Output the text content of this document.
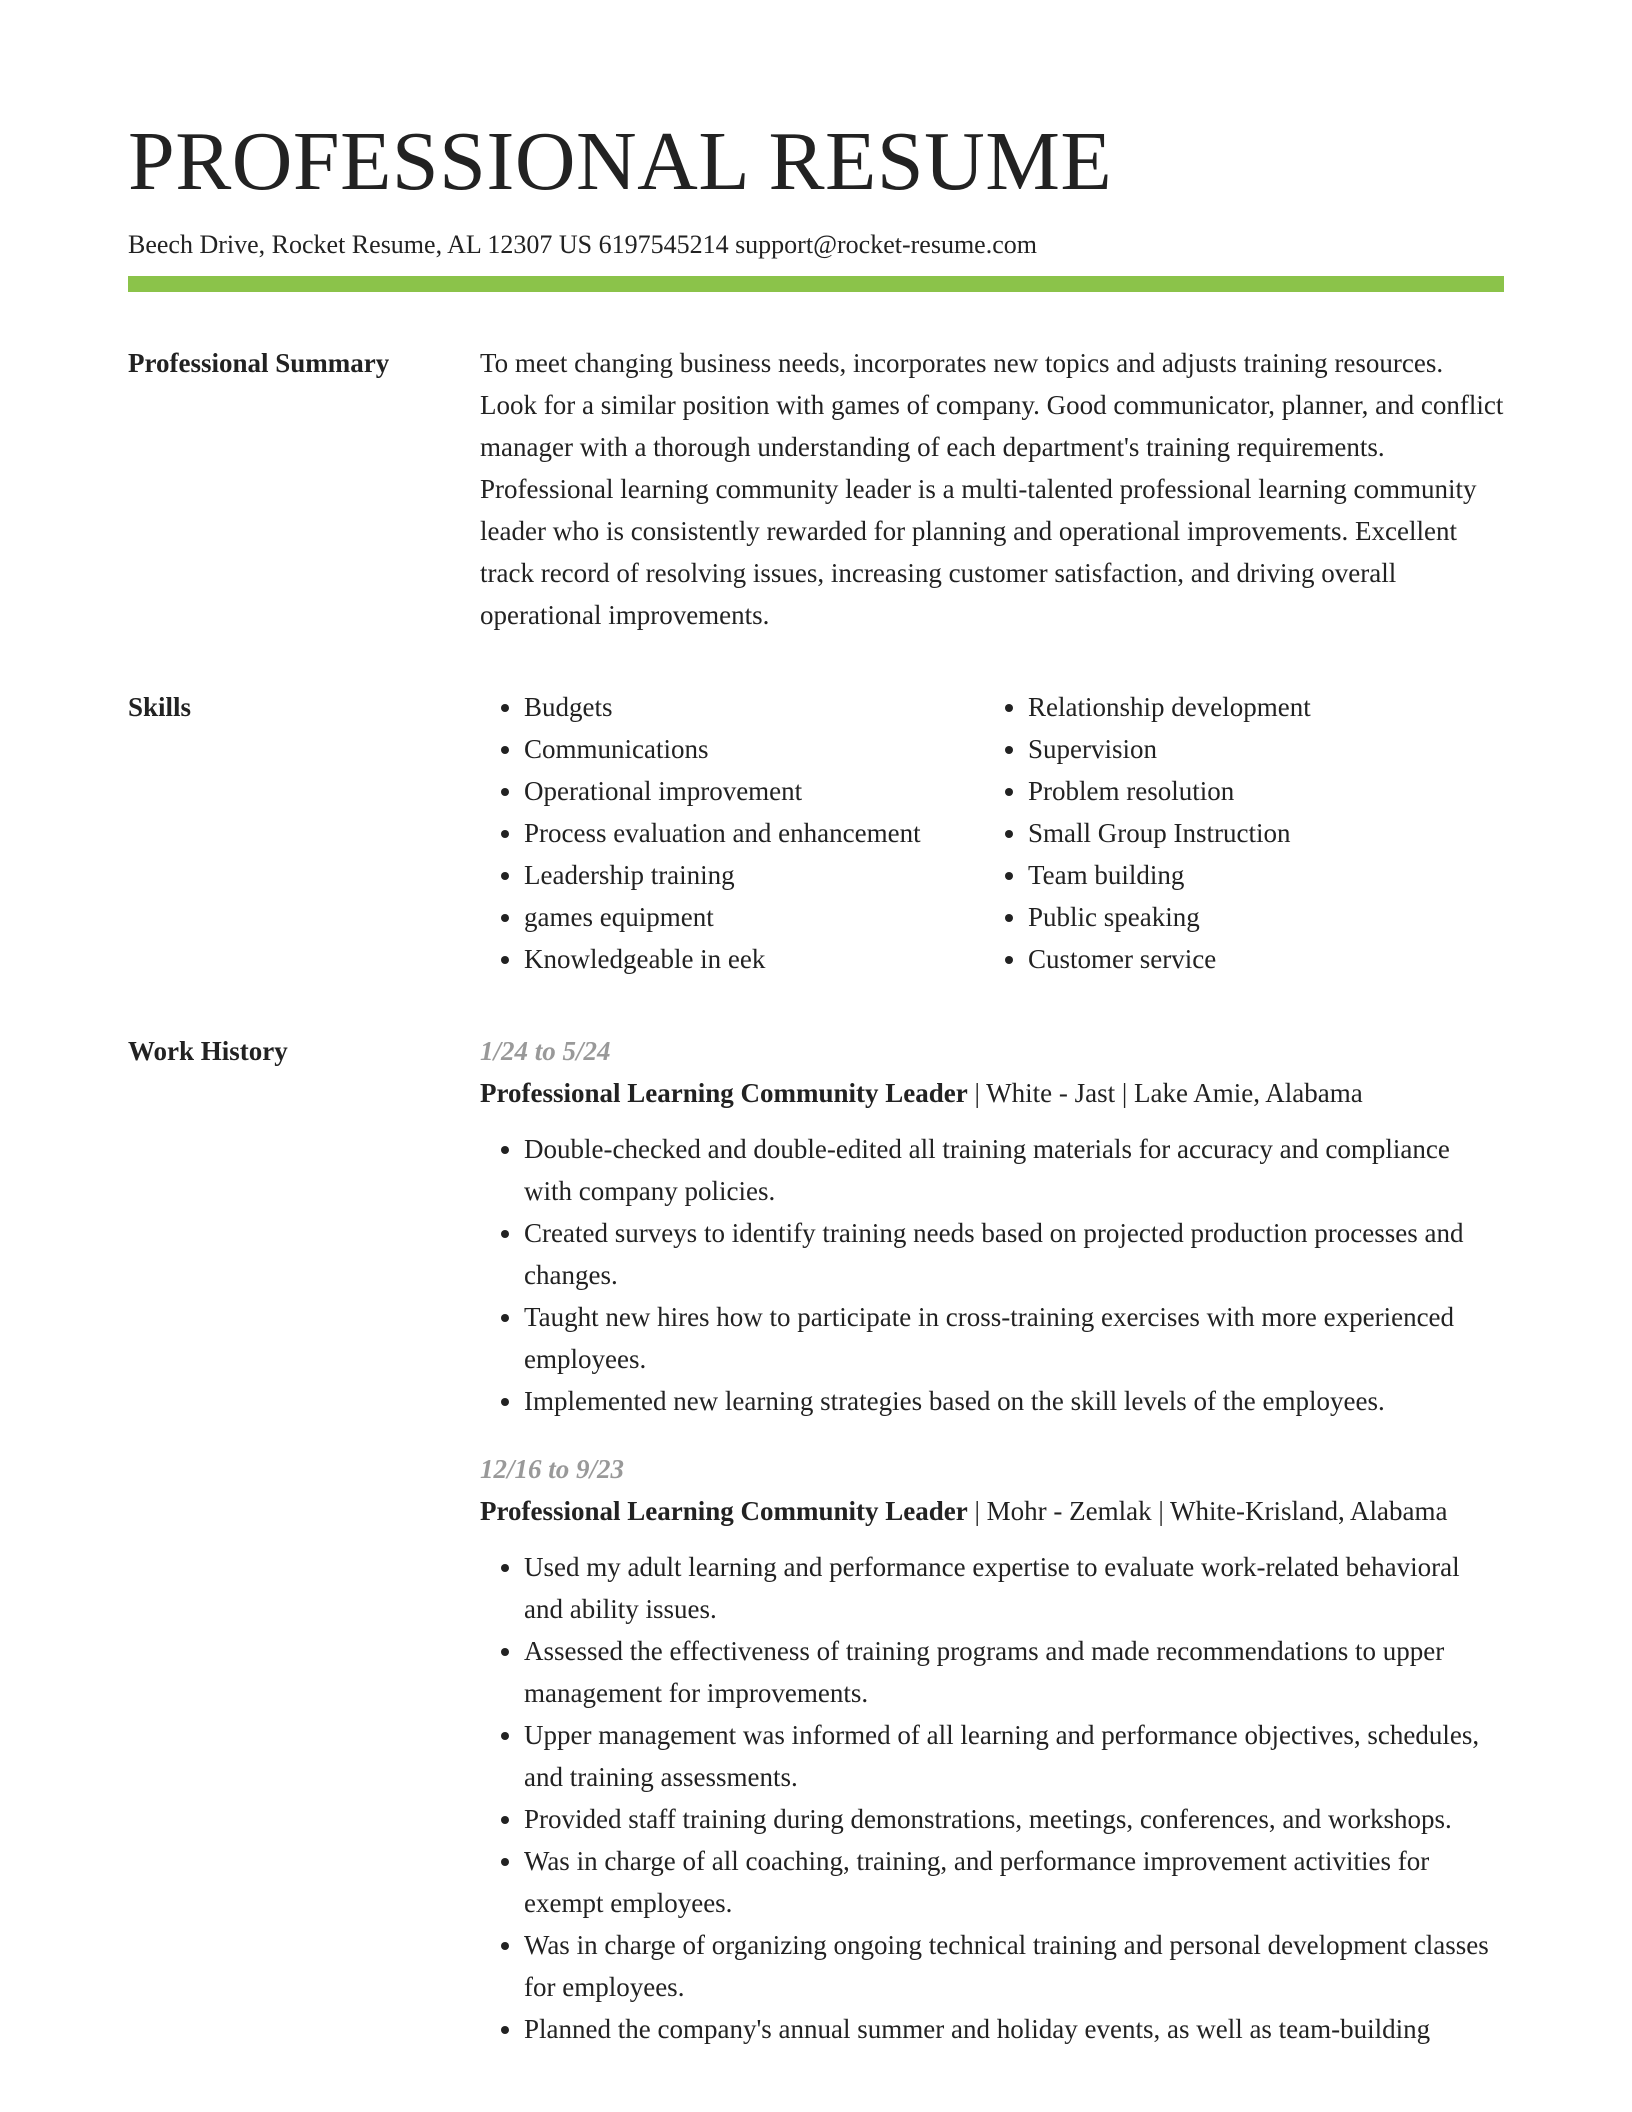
PROFESSIONAL RESUME
Beech Drive, Rocket Resume, AL 12307 US 6197545214 support@rocket-resume.com
Professional Summary	To meet changing business needs, incorporates new topics and adjusts training resources. Look for a similar position with games of company. Good communicator, planner, and conflict manager with a thorough understanding of each department's training requirements. Professional learning community leader is a multi-talented professional learning community leader who is consistently rewarded for planning and operational improvements. Excellent track record of resolving issues, increasing customer satisfaction, and driving overall operational improvements.

Skills
•	Budgets
• Communications
• Operational improvement
• Process evaluation and enhancement
• Leadership training
• games equipment
• Knowledgeable in eek
• Relationship development
• Supervision
• Problem resolution
• Small Group Instruction
• Team building
• Public speaking
• Customer service
Work History	1/24 to 5/24
Professional Learning Community Leader | White - Jast | Lake Amie, Alabama
• Double-checked and double-edited all training materials for accuracy and compliance with company policies.
• Created surveys to identify training needs based on projected production processes and changes.
• Taught new hires how to participate in cross-training exercises with more experienced employees.
• Implemented new learning strategies based on the skill levels of the employees.
12/16 to 9/23
Professional Learning Community Leader | Mohr - Zemlak | White-Krisland, Alabama
• Used my adult learning and performance expertise to evaluate work-related behavioral and ability issues.
• Assessed the effectiveness of training programs and made recommendations to upper management for improvements.
• Upper management was informed of all learning and performance objectives, schedules, and training assessments.
• Provided staff training during demonstrations, meetings, conferences, and workshops.
• Was in charge of all coaching, training, and performance improvement activities for exempt employees.
• Was in charge of organizing ongoing technical training and personal development classes for employees.
• Planned the company's annual summer and holiday events, as well as team-building
